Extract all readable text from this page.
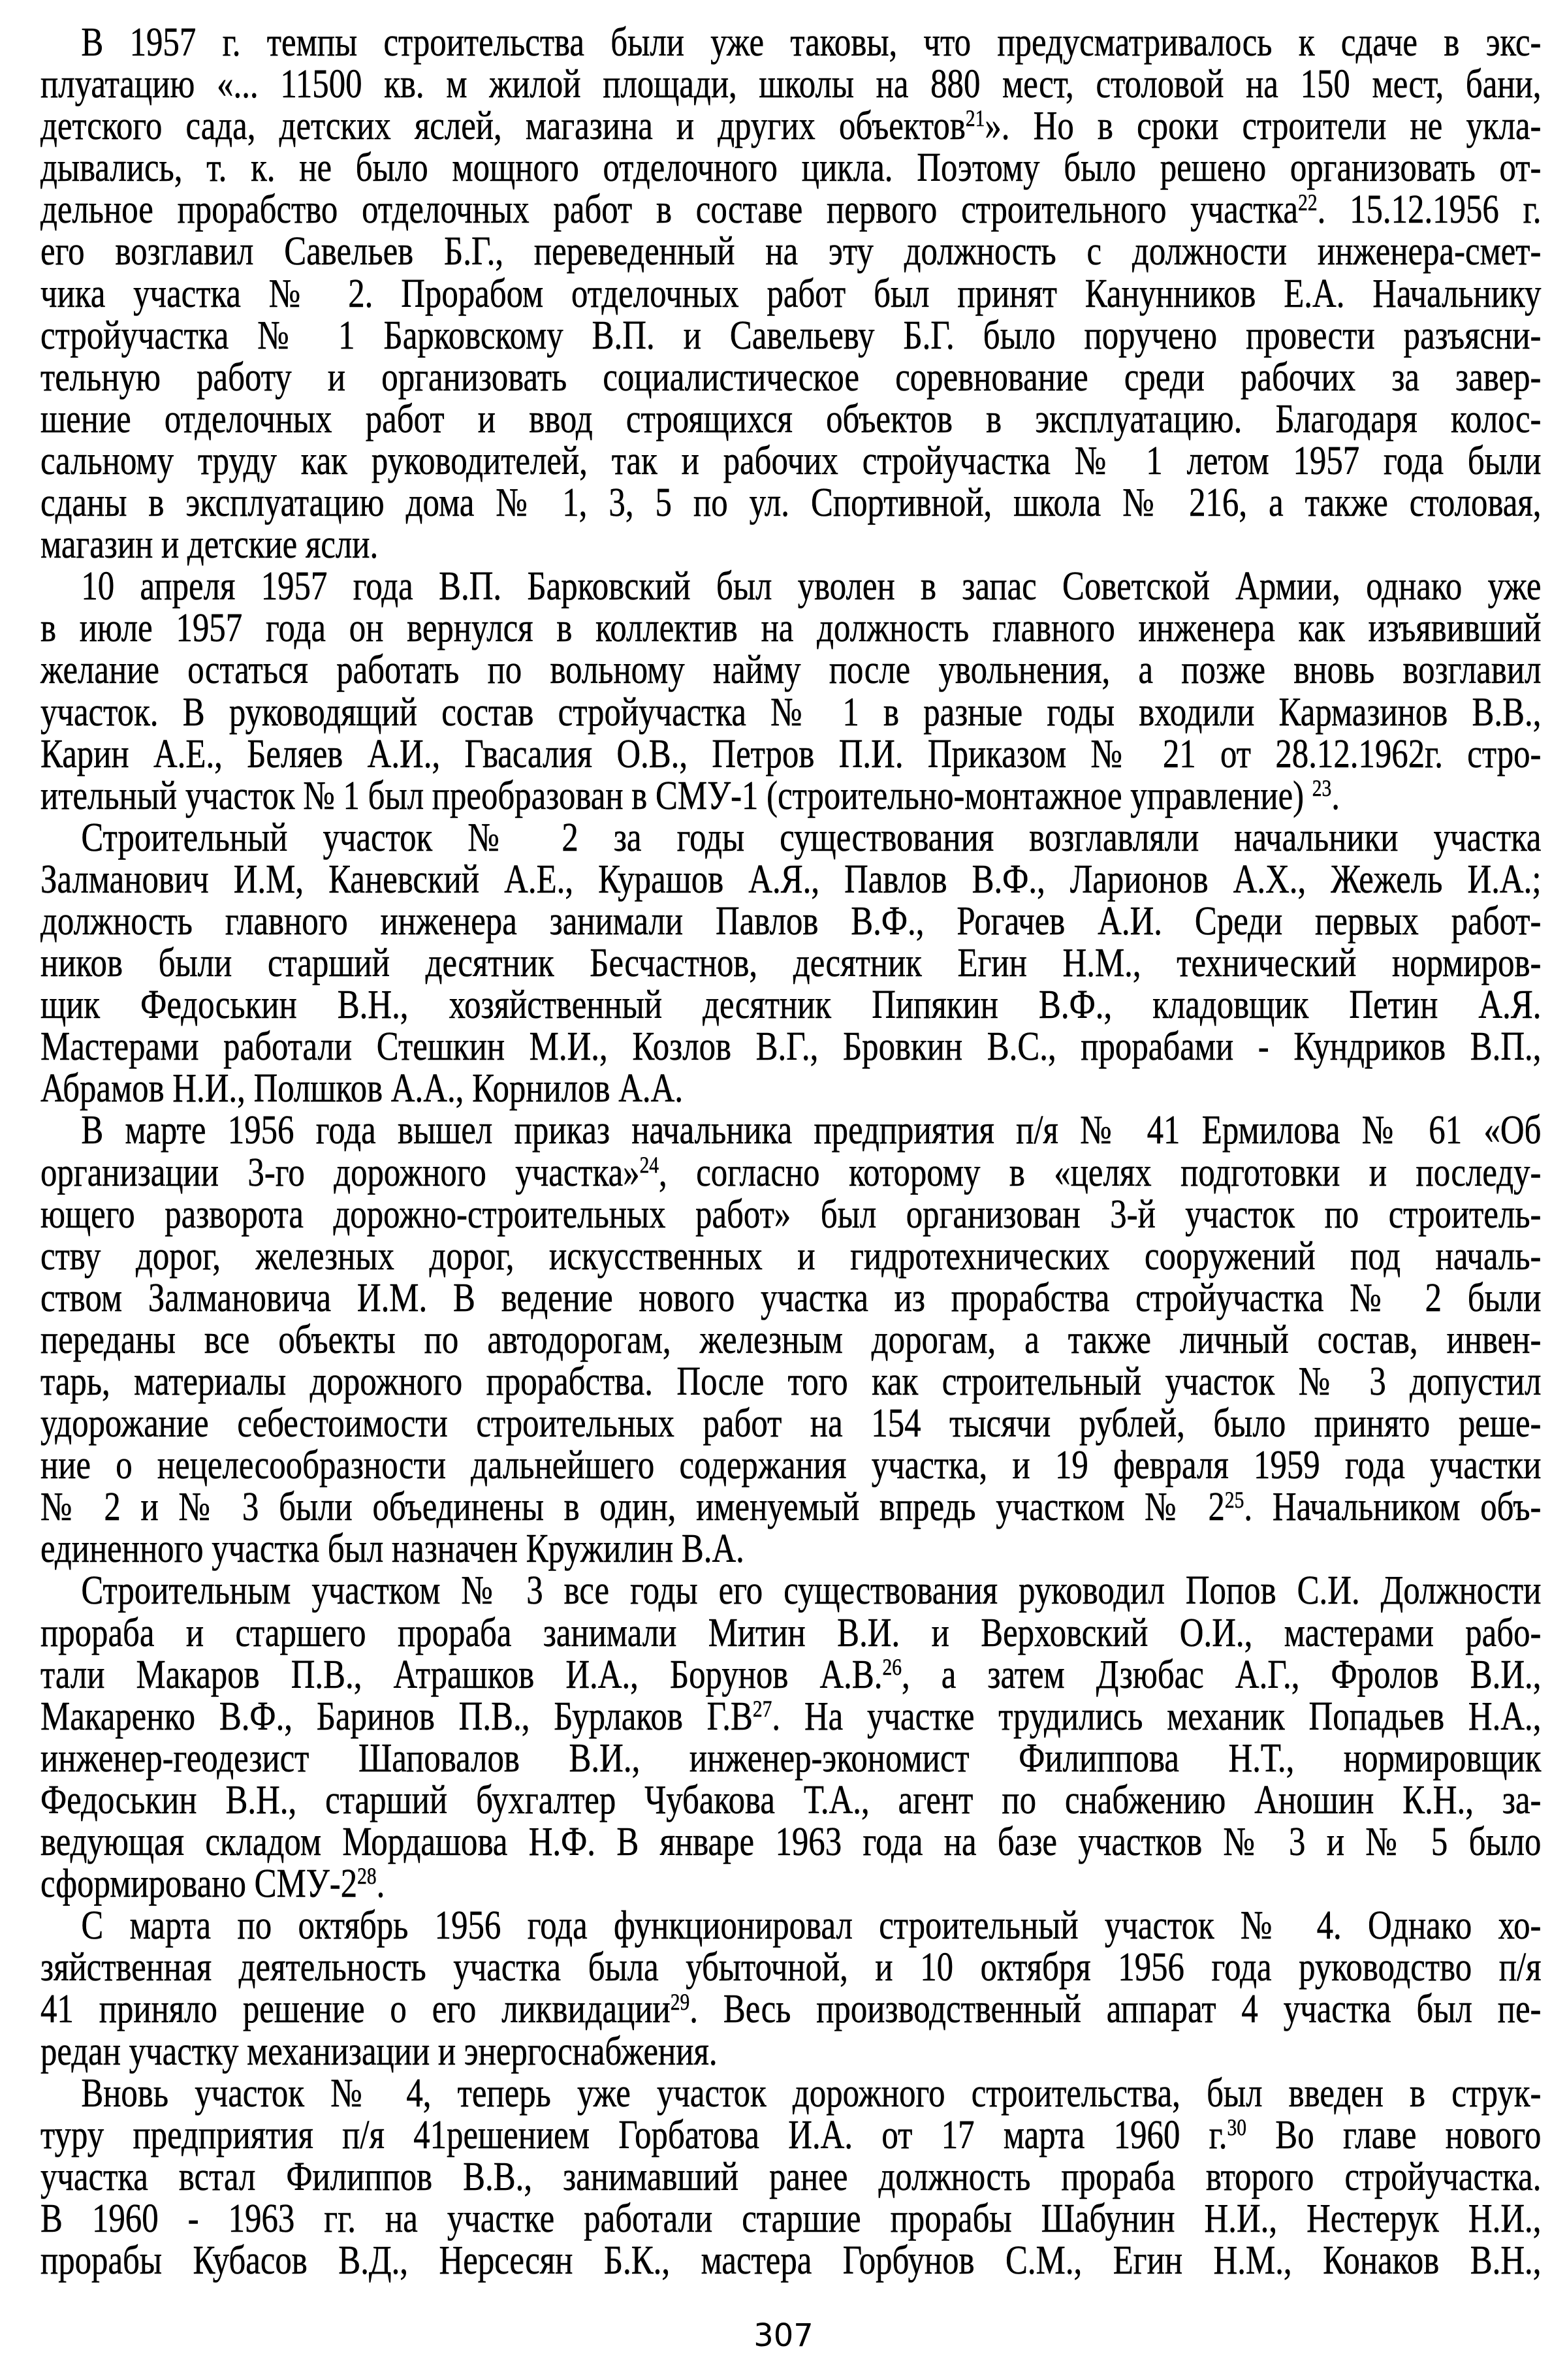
В 1957 г. темпы строительства были уже таковы, что предусматривалось к сдаче в экс-
плуатацию «... 11500 кв. м жилой площади, школы на 880 мест, столовой на 150 мест, бани,
детского сада, детских яслей, магазина и других объектов$^{21}$». Но в сроки строители не укла-
дывались, т. к. не было мощного отделочного цикла. Поэтому было решено организовать от-
дельное прорабство отделочных работ в составе первого строительного участка$^{22}$. 15.12.1956 г.
его возглавил Савельев Б.Г., переведенный на эту должность с должности инженера-смет-
чика участка № 2. Прорабом отделочных работ был принят Канунников Е.А. Начальнику
стройучастка № 1 Барковскому В.П. и Савельеву Б.Г. было поручено провести разъясни-
тельную работу и организовать социалистическое соревнование среди рабочих за завер-
шение отделочных работ и ввод строящихся объектов в эксплуатацию. Благодаря колос-
сальному труду как руководителей, так и рабочих стройучастка № 1 летом 1957 года были
сданы в эксплуатацию дома № 1, 3, 5 по ул. Спортивной, школа № 216, а также столовая,
магазин и детские ясли.
10 апреля 1957 года В.П. Барковский был уволен в запас Советской Армии, однако уже
в июле 1957 года он вернулся в коллектив на должность главного инженера как изъявивший
желание остаться работать по вольному найму после увольнения, а позже вновь возглавил
участок. В руководящий состав стройучастка № 1 в разные годы входили Кармазинов В.В.,
Карин А.Е., Беляев А.И., Гвасалия О.В., Петров П.И. Приказом № 21 от 28.12.1962г. стро-
ительный участок № 1 был преобразован в СМУ-1 (строительно-монтажное управление) $^{23}$.
Строительный участок № 2 за годы существования возглавляли начальники участка
Залманович И.М, Каневский А.Е., Курашов А.Я., Павлов В.Ф., Ларионов А.Х., Жежель И.А.;
должность главного инженера занимали Павлов В.Ф., Рогачев А.И. Среди первых работ-
ников были старший десятник Бесчастнов, десятник Егин Н.М., технический нормиров-
щик Федоськин В.Н., хозяйственный десятник Пипякин В.Ф., кладовщик Петин А.Я.
Мастерами работали Стешкин М.И., Козлов В.Г., Бровкин В.С., прорабами - Кундриков В.П.,
Абрамов Н.И., Полшков А.А., Корнилов А.А.
В марте 1956 года вышел приказ начальника предприятия п/я № 41 Ермилова № 61 «Об
организации 3-го дорожного участка»$^{24}$, согласно которому в «целях подготовки и последу-
ющего разворота дорожно-строительных работ» был организован 3-й участок по строитель-
ству дорог, железных дорог, искусственных и гидротехнических сооружений под началь-
ством Залмановича И.М. В ведение нового участка из прорабства стройучастка № 2 были
переданы все объекты по автодорогам, железным дорогам, а также личный состав, инвен-
тарь, материалы дорожного прорабства. После того как строительный участок № 3 допустил
удорожание себестоимости строительных работ на 154 тысячи рублей, было принято реше-
ние о нецелесообразности дальнейшего содержания участка, и 19 февраля 1959 года участки
№ 2 и № 3 были объединены в один, именуемый впредь участком № $2^{25}$. Начальником объ-
единенного участка был назначен Кружилин В.А.
Строительным участком № 3 все годы его существования руководил Попов С.И. Должности
прораба и старшего прораба занимали Митин В.И. и Верховский О.И., мастерами рабо-
тали Макаров П.В., Атрашков И.А., Борунов А.В.$^{26}$, а затем Дзюбас А.Г., Фролов В.И.,
Макаренко В.Ф., Баринов П.В., Бурлаков $Г.В^{27}$. На участке трудились механик Попадьев Н.А.,
инженер-геодезист Шаповалов В.И., инженер-экономист Филиппова Н.Т., нормировщик
Федоськин В.Н., старший бухгалтер Чубакова Т.А., агент по снабжению Аношин К.Н., за-
ведующая складом Мордашова Н.Ф. В январе 1963 года на базе участков № 3 и № 5 было
сформировано СМУ-$2^{28}$.
С марта по октябрь 1956 года функционировал строительный участок № 4. Однако хо-
зяйственная деятельность участка была убыточной, и 10 октября 1956 года руководство п/я
41 приняло решение о его ликвидации$^{29}$. Весь производственный аппарат 4 участка был пе-
редан участку механизации и энергоснабжения.
Вновь участок № 4, теперь уже участок дорожного строительства, был введен в струк-
туру предприятия п/я 41решением Горбатова И.А. от 17 марта 1960 г.$^{30}$ Во главе нового
участка встал Филиппов В.В., занимавший ранее должность прораба второго стройучастка.
В 1960 - 1963 гг. на участке работали старшие прорабы Шабунин Н.И., Нестерук Н.И.,
прорабы Кубасов В.Д., Нерсесян Б.К., мастера Горбунов С.М., Егин Н.М., Конаков В.Н.,
307
